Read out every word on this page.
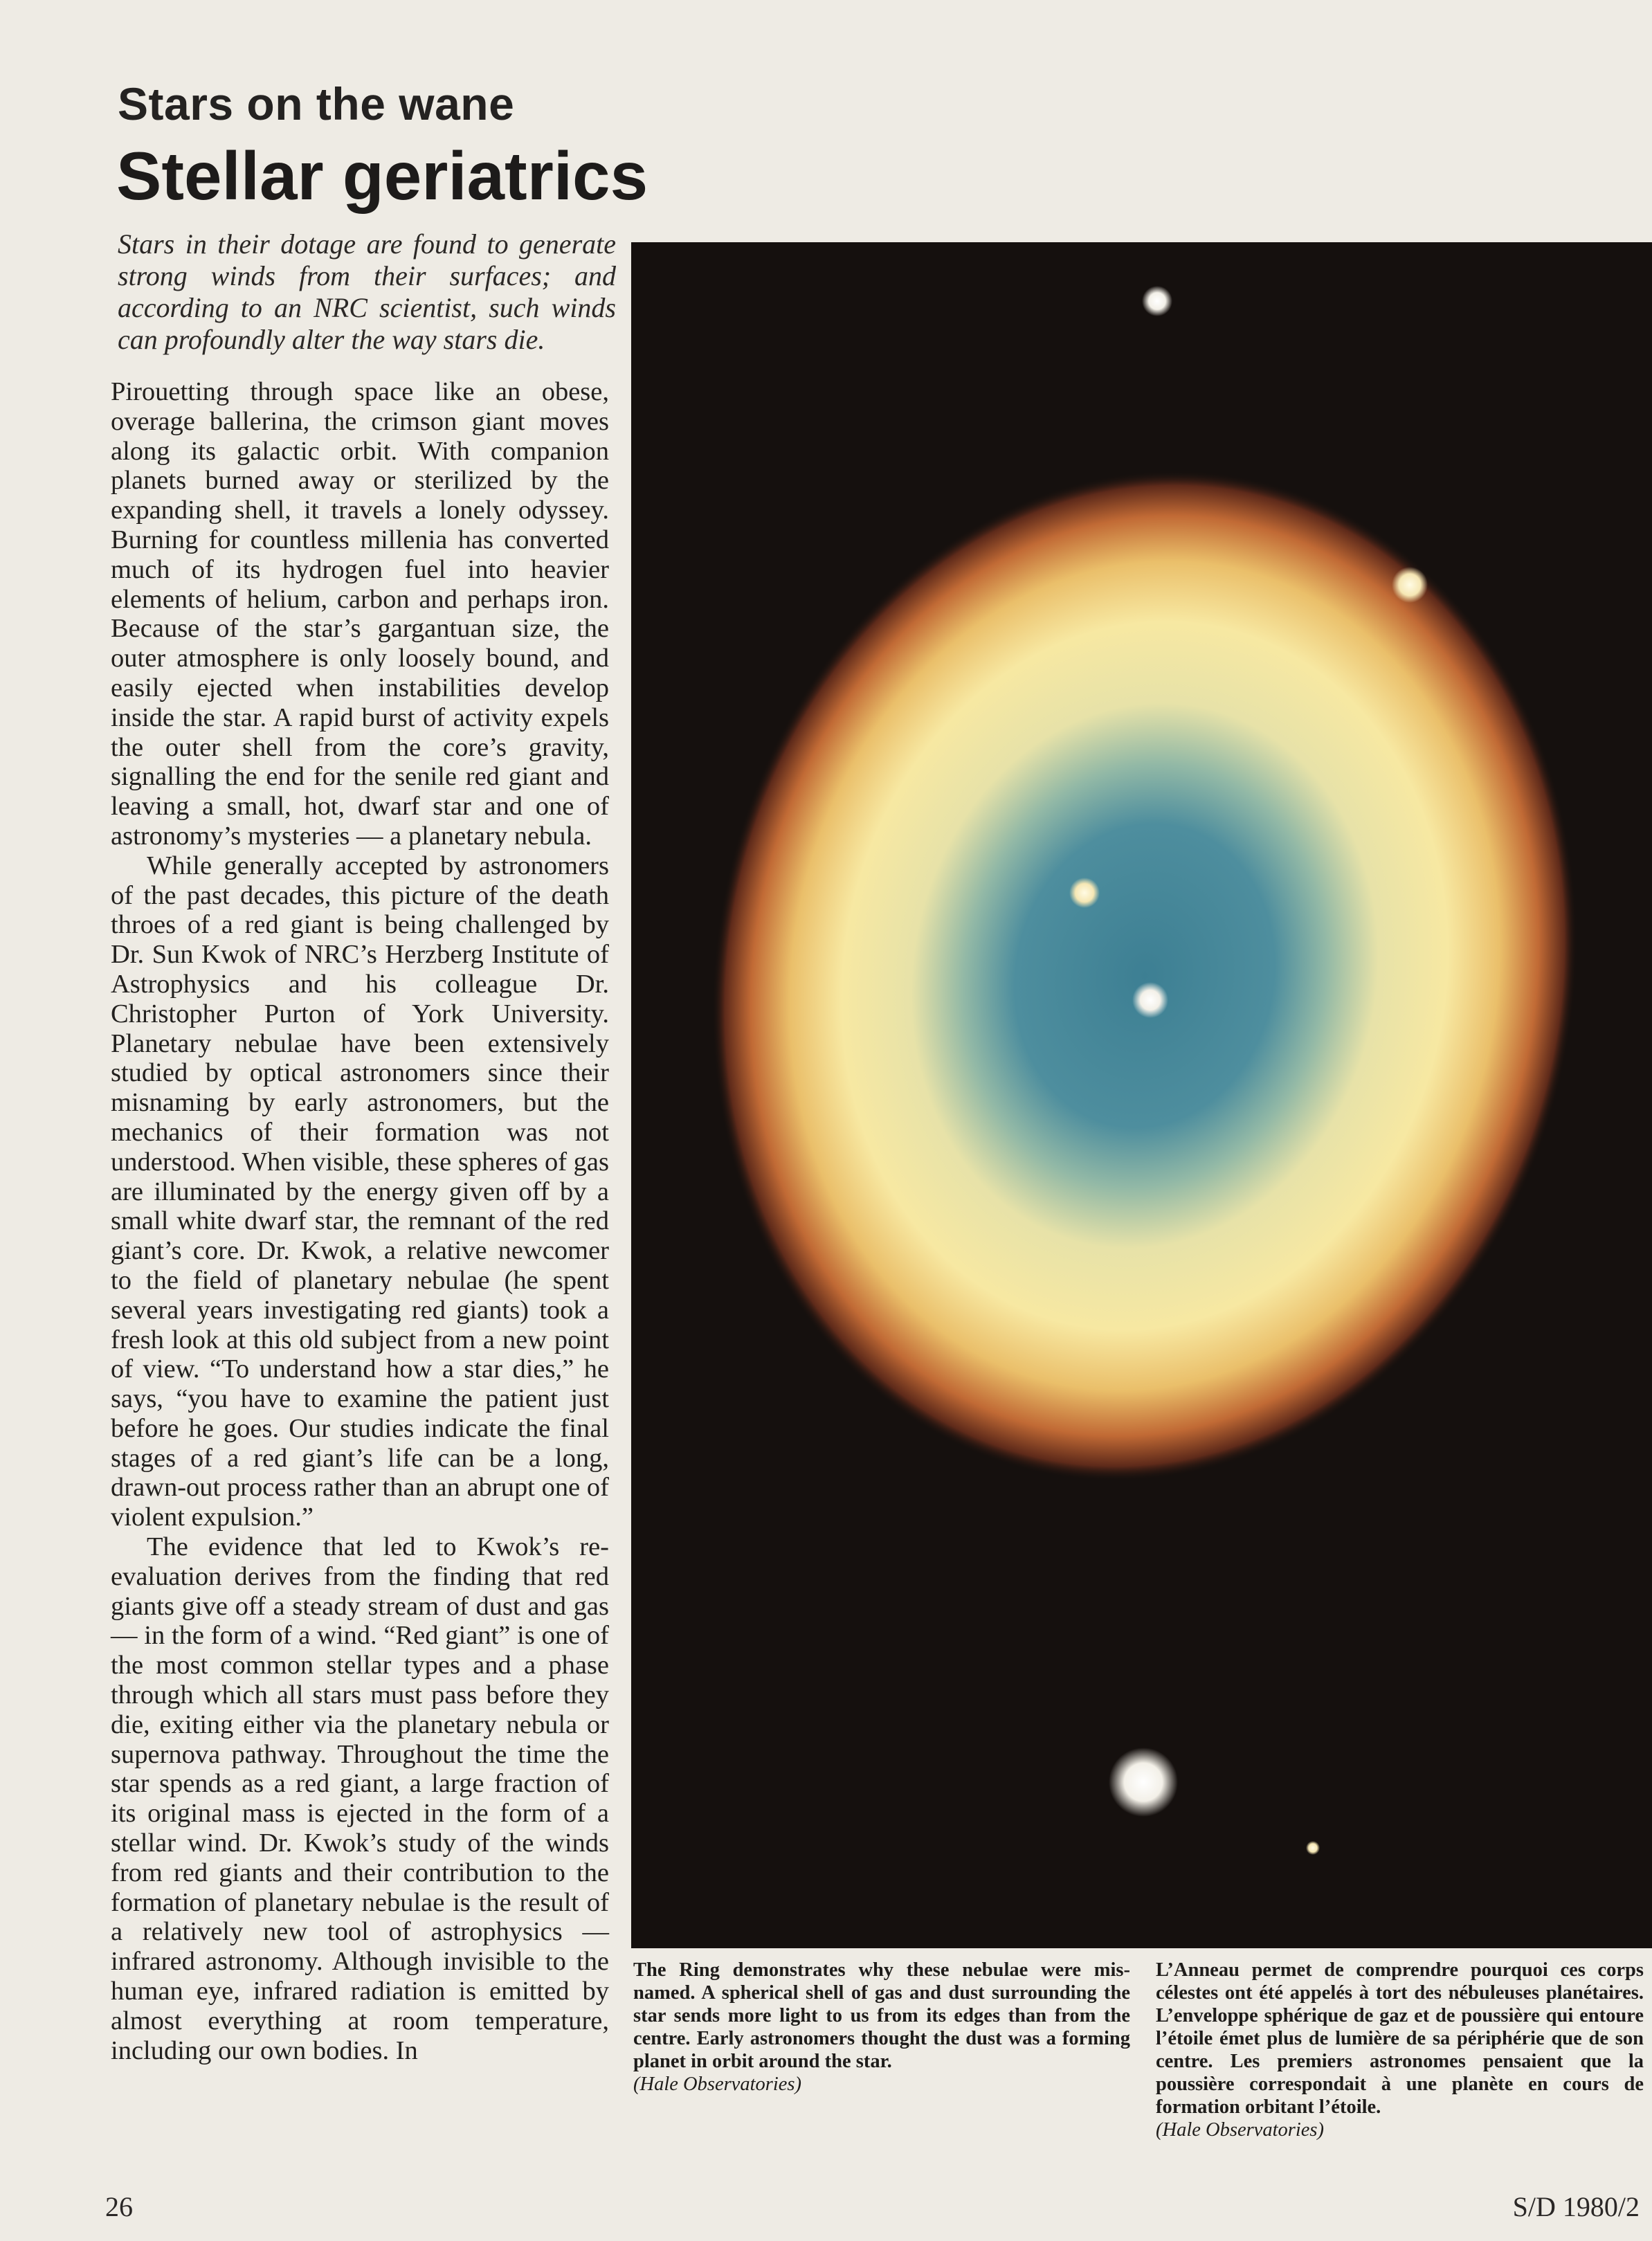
Stars on the wane
Stellar geriatrics
Stars in their dotage are found to generate strong winds from their surfaces; and according to an NRC scientist, such winds can profoundly alter the way stars die.

Pirouetting through space like an obese, overage ballerina, the crimson giant moves along its galactic orbit. With companion planets burned away or sterilized by the expanding shell, it travels a lonely odyssey. Burning for countless millenia has converted much of its hydrogen fuel into heavier elements of helium, carbon and perhaps iron. Because of the star’s gargantuan size, the outer atmosphere is only loosely bound, and easily ejected when instabilities develop inside the star. A rapid burst of activity expels the outer shell from the core’s gravity, signalling the end for the senile red giant and leaving a small, hot, dwarf star and one of astronomy’s mysteries — a planetary nebula.

While generally accepted by astronomers of the past decades, this picture of the death throes of a red giant is being challenged by Dr. Sun Kwok of NRC’s Herzberg Institute of Astrophysics and his colleague Dr. Christopher Purton of York University. Planetary nebulae have been extensively studied by optical astronomers since their misnaming by early astronomers, but the mechanics of their formation was not understood. When visible, these spheres of gas are illuminated by the energy given off by a small white dwarf star, the remnant of the red giant’s core. Dr. Kwok, a relative newcomer to the field of planetary nebulae (he spent several years investigating red giants) took a fresh look at this old subject from a new point of view. “To understand how a star dies,” he says, “you have to examine the patient just before he goes. Our studies indicate the final stages of a red giant’s life can be a long, drawn-out process rather than an abrupt one of violent expulsion.”

The evidence that led to Kwok’s re-evaluation derives from the finding that red giants give off a steady stream of dust and gas — in the form of a wind. “Red giant” is one of the most common stellar types and a phase through which all stars must pass before they die, exiting either via the planetary nebula or supernova pathway. Throughout the time the star spends as a red giant, a large fraction of its original mass is ejected in the form of a stellar wind. Dr. Kwok’s study of the winds from red giants and their contribution to the formation of planetary nebulae is the result of a relatively new tool of astrophysics — infrared astronomy. Although invisible to the human eye, infrared radiation is emitted by almost everything at room temperature, including our own bodies. In

The Ring demonstrates why these nebulae were mis-named. A spherical shell of gas and dust surrounding the star sends more light to us from its edges than from the centre. Early astronomers thought the dust was a forming planet in orbit around the star.
(Hale Observatories)
L’Anneau permet de comprendre pourquoi ces corps célestes ont été appelés à tort des nébuleuses planétaires. L’enveloppe sphérique de gaz et de poussière qui entoure l’étoile émet plus de lumière de sa périphérie que de son centre. Les premiers astronomes pensaient que la poussière correspondait à une planète en cours de formation orbitant l’étoile.
(Hale Observatories)
26	S/D 1980/2
